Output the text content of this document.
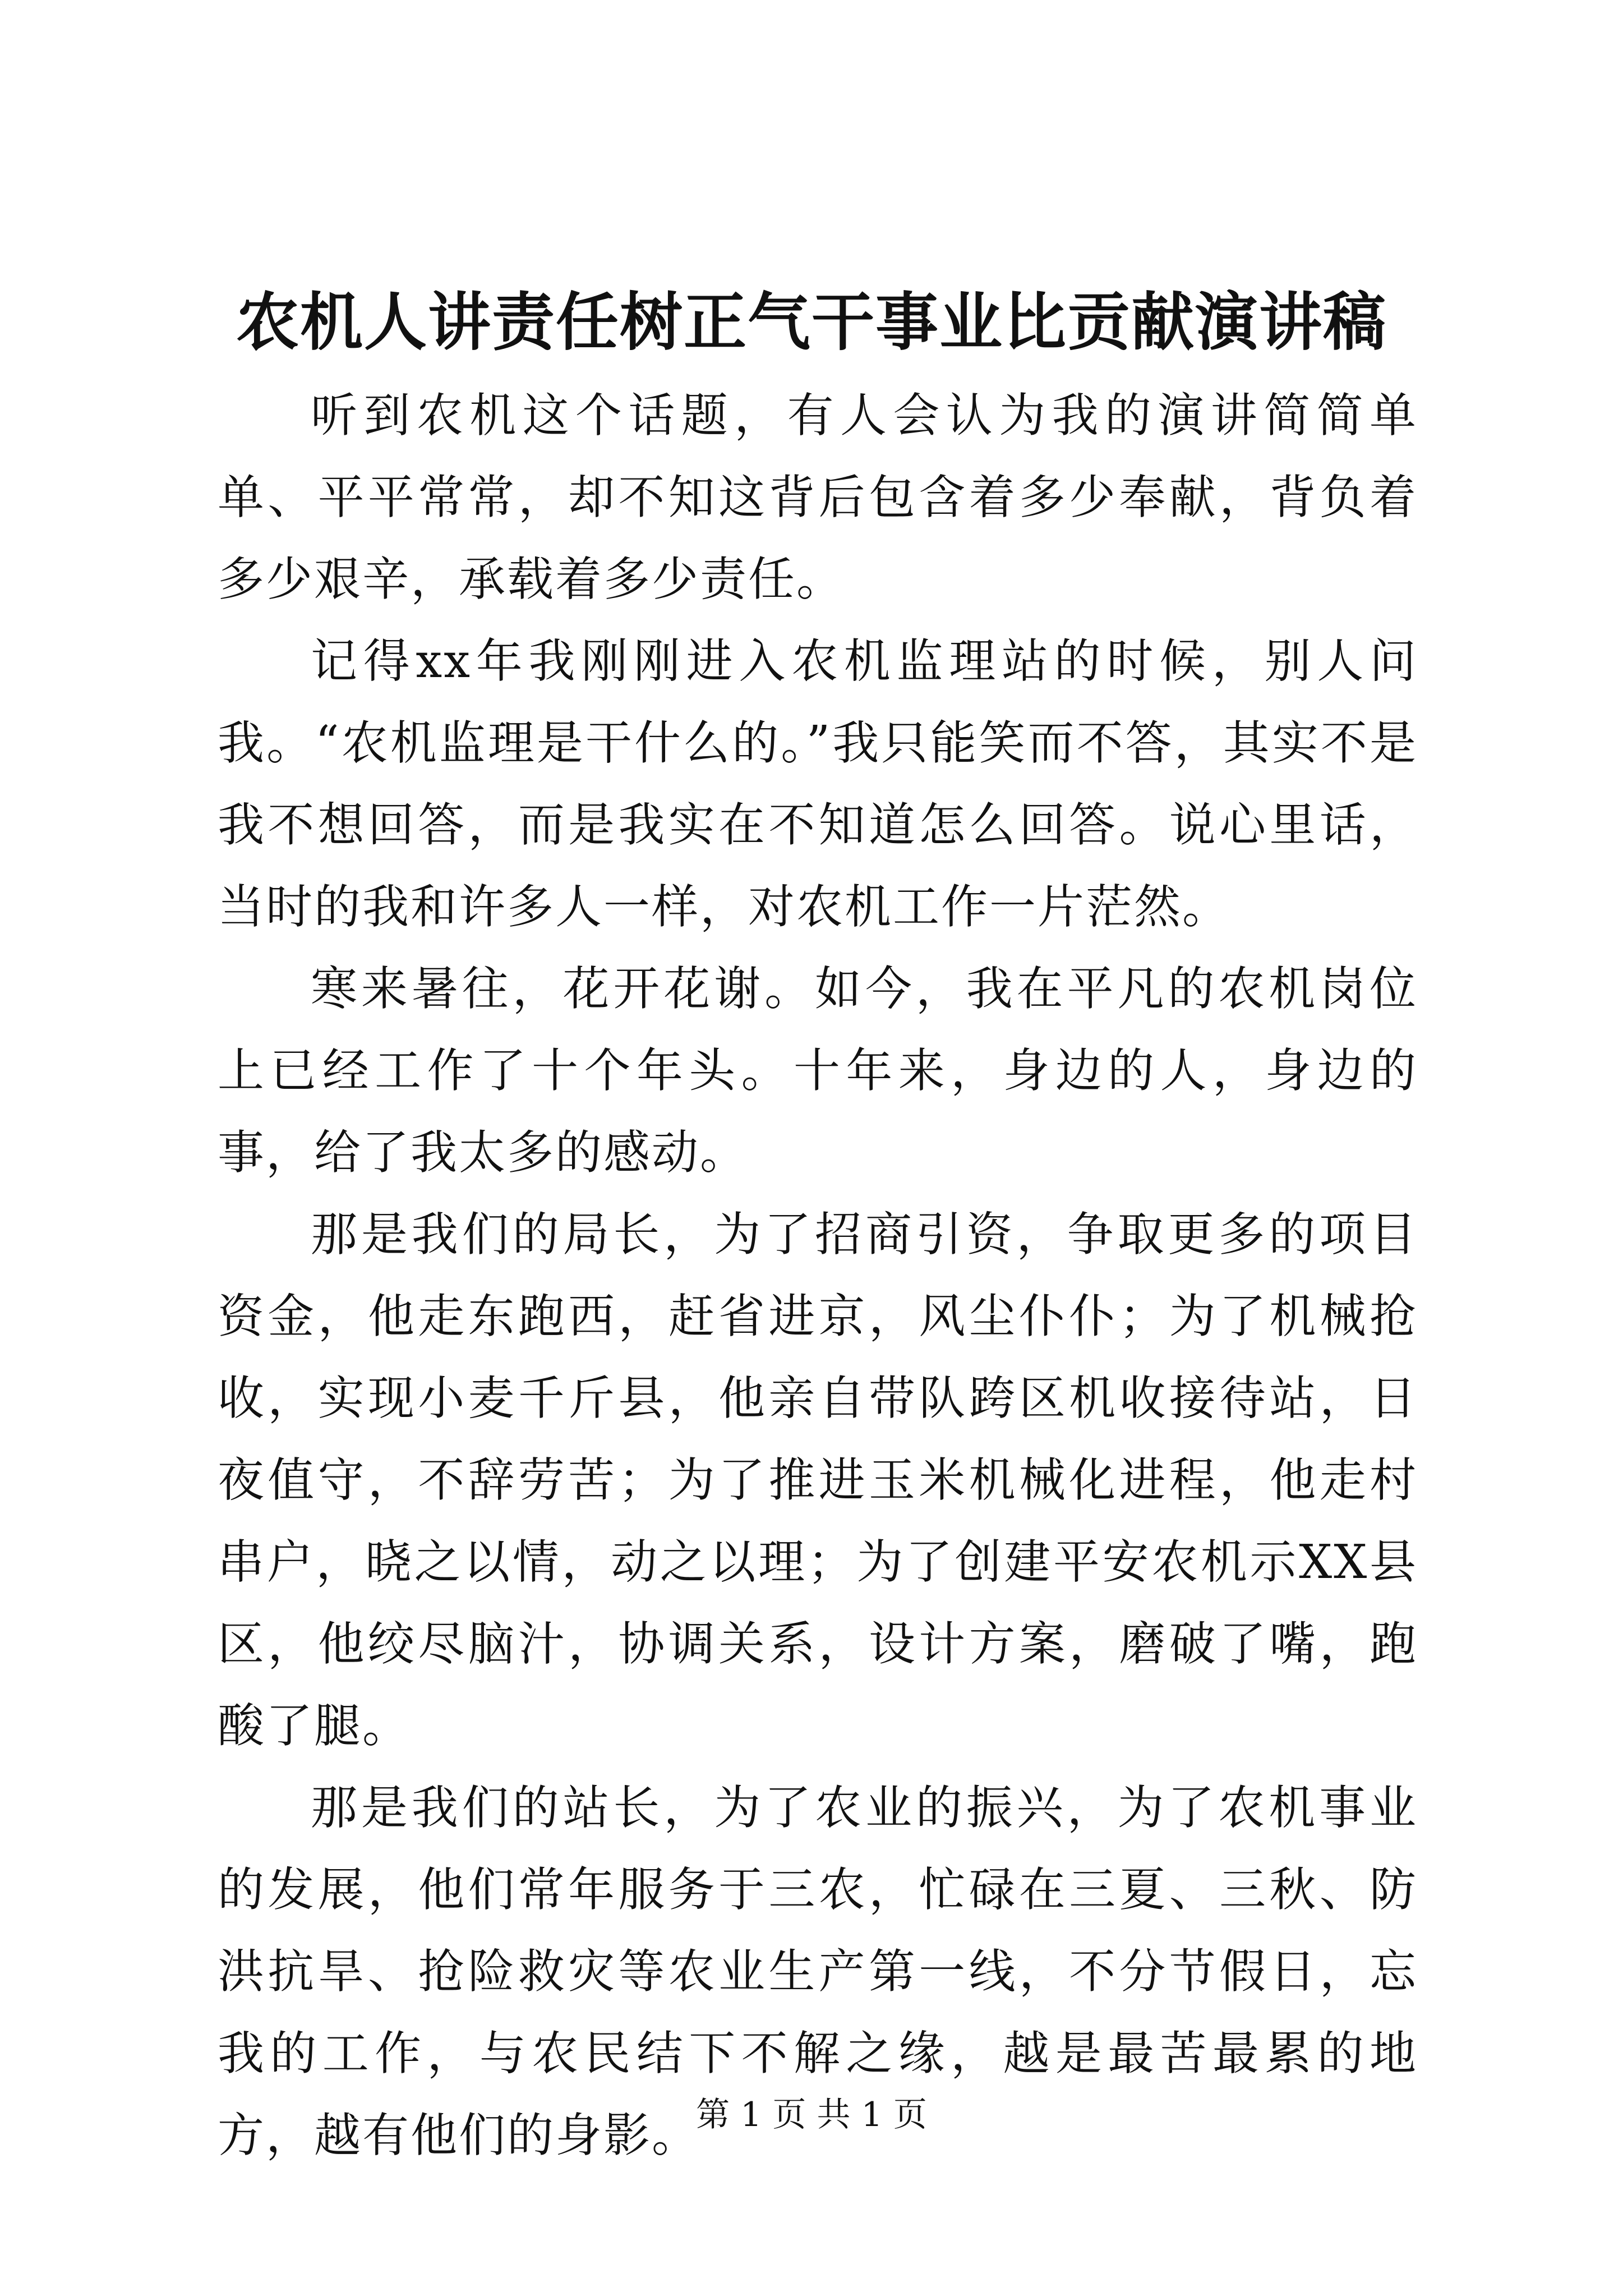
农机人讲责任树正气干事业比贡献演讲稿

听到农机这个话题，有人会认为我的演讲简简单单、平平常常，却不知这背后包含着多少奉献，背负着多少艰辛，承载着多少责任。

记得xx年我刚刚进入农机监理站的时候，别人问我。“农机监理是干什么的。”我只能笑而不答，其实不是我不想回答，而是我实在不知道怎么回答。说心里话，当时的我和许多人一样，对农机工作一片茫然。

寒来暑往，花开花谢。如今，我在平凡的农机岗位上已经工作了十个年头。十年来，身边的人，身边的事，给了我太多的感动。

那是我们的局长，为了招商引资，争取更多的项目资金，他走东跑西，赶省进京，风尘仆仆；为了机械抢收，实现小麦千斤县，他亲自带队跨区机收接待站，日夜值守，不辞劳苦；为了推进玉米机械化进程，他走村串户，晓之以情，动之以理；为了创建平安农机示XX县区，他绞尽脑汁，协调关系，设计方案，磨破了嘴，跑酸了腿。

那是我们的站长，为了农业的振兴，为了农机事业的发展，他们常年服务于三农，忙碌在三夏、三秋、防洪抗旱、抢险救灾等农业生产第一线，不分节假日，忘我的工作，与农民结下不解之缘，越是最苦最累的地方，越有他们的身影。

第 1 页 共 1 页
